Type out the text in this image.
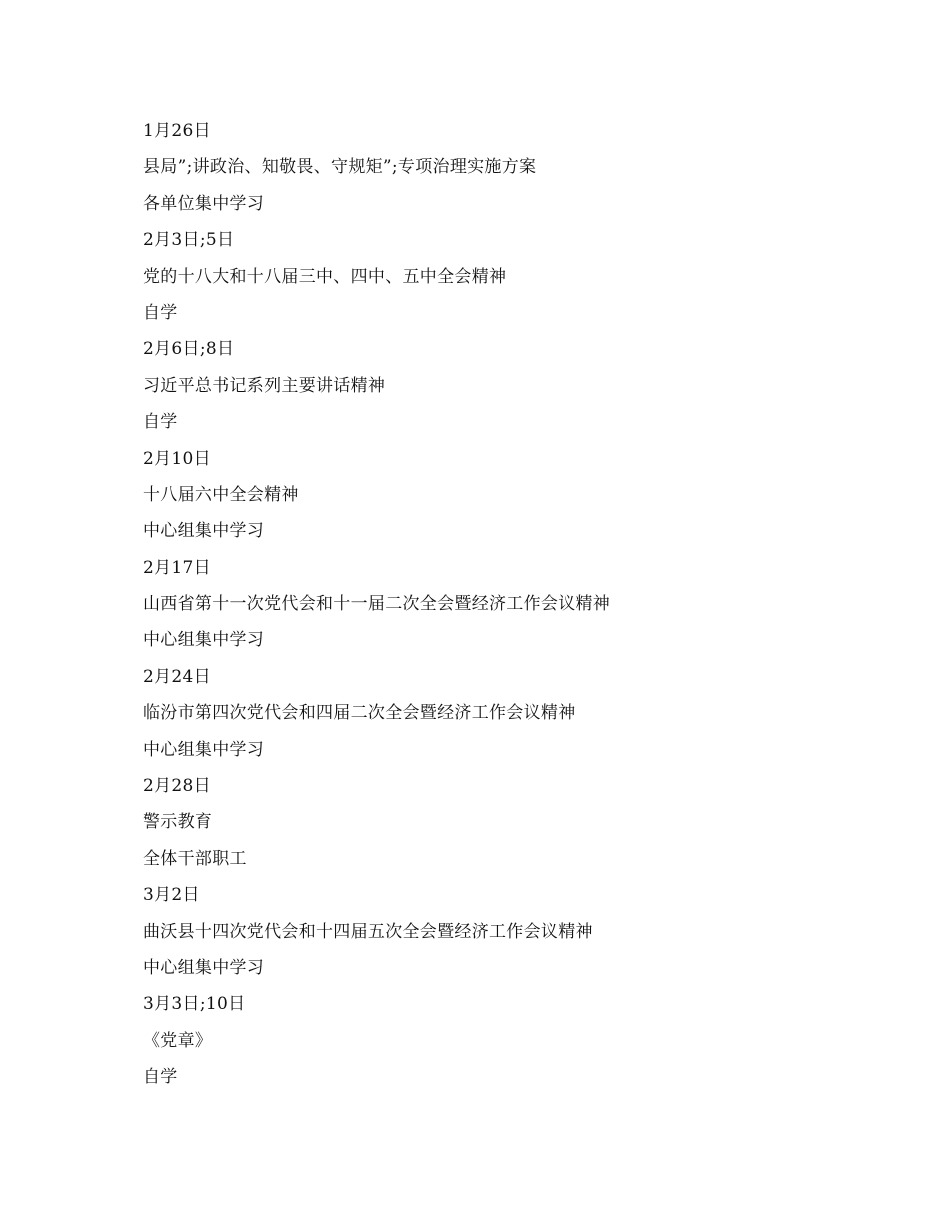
1月26日
县局”;讲政治、知敬畏、守规矩”;专项治理实施方案
各单位集中学习
2月3日;5日
党的十八大和十八届三中、四中、五中全会精神
自学
2月6日;8日
习近平总书记系列主要讲话精神
自学
2月10日
十八届六中全会精神
中心组集中学习
2月17日
山西省第十一次党代会和十一届二次全会暨经济工作会议精神
中心组集中学习
2月24日
临汾市第四次党代会和四届二次全会暨经济工作会议精神
中心组集中学习
2月28日
警示教育
全体干部职工
3月2日
曲沃县十四次党代会和十四届五次全会暨经济工作会议精神
中心组集中学习
3月3日;10日
《党章》
自学
